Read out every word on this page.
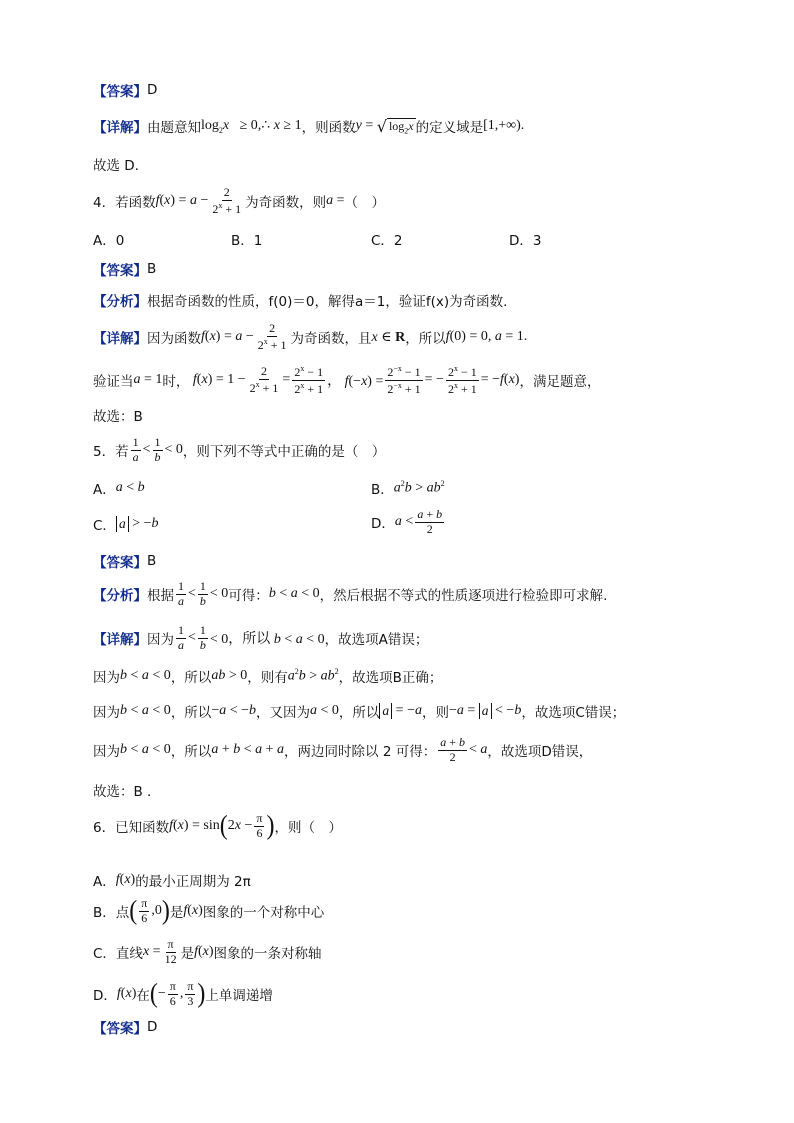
【答案】 D
【详解】 由题意知 $\log_2x$   ≥ 0,∴ x ≥ 1 ，则函数 y = √ $\log_2x$ 的定义域是 [1,+∞).
故选 D.
4．若函数 $f(x) = a - \frac{2}{2^x + 1}$ 为奇函数，则 a = （　）
A．0	B．1	C．2	D．3
【答案】 B
【分析】 根据奇函数的性质，f(0)＝0，解得a＝1，验证f(x)为奇函数.
【详解】 因为函数 $f(x) = a - \frac{2}{2^x + 1}$ 为奇函数，且 x ∈ R ，所以 f(0) = 0, a = 1.
验证当 a = 1 时， $f(x) = 1 - \frac{2}{2^x + 1} = \frac{2^x - 1}{2^x + 1}$ ， $f(-x) = \frac{2^{-x} - 1}{2^{-x} + 1}$ = − $\frac{2^x - 1}{2^x + 1} = -f(x)$ ，满足题意，
故选：B
5．若 $\frac{1}{a} < \frac{1}{b} < 0$ ，则下列不等式中正确的是（　）
A． a < b	B． $a^2b > ab^2$
C． a > −b	D． $a < \frac{a + b}{2}$
【答案】 B
【分析】 根据 $\frac{1}{a} < \frac{1}{b} < 0$ 可得： b < a < 0 ，然后根据不等式的性质逐项进行检验即可求解.
【详解】 因为 $\frac{1}{a} < \frac{1}{b} < 0$，所以 b < a < 0 ，故选项A错误；
因为 b < a < 0 ，所以 ab > 0 ，则有 $a^2b > ab^2$ ，故选项B正确；
因为 b < a < 0 ，所以 −a < −b ，又因为 a < 0 ，所以 a = −a ，则 −a = a < −b ，故选项C错误；
因为 b < a < 0 ，所以 a + b < a + a ，两边同时除以 2 可得： $\frac{a + b}{2} < a$ ，故选项D错误，
故选：B .
6．已知函数 f(x) = sin ( $2x - \frac{\pi}{6}$ ) ，则（　）
A． f(x) 的最小正周期为 2π
B．点 ( $\frac{\pi}{6} ,0$ ) 是 f(x) 图象的一个对称中心
C．直线 $x = \frac{\pi}{12}$ 是 f(x) 图象的一条对称轴
D． f(x) 在 ( − $\frac{\pi}{6}$ , $\frac{\pi}{3}$ ) 上单调递增
【答案】 D
